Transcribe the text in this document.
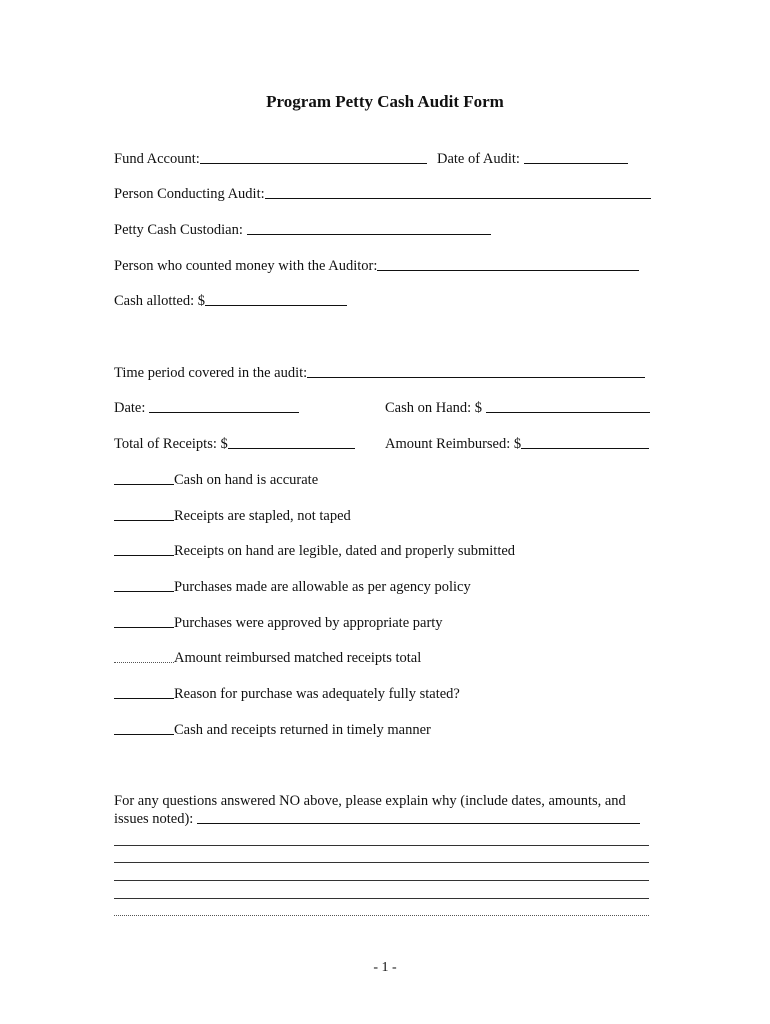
Program Petty Cash Audit Form
Fund Account:	Date of Audit:
Person Conducting Audit:
Petty Cash Custodian:
Person who counted money with the Auditor:
Cash allotted: $
Time period covered in the audit:
Date:	Cash on Hand: $
Total of Receipts: $	Amount Reimbursed: $
Cash on hand is accurate
Receipts are stapled, not taped
Receipts on hand are legible, dated and properly submitted
Purchases made are allowable as per agency policy
Purchases were approved by appropriate party
Amount reimbursed matched receipts total
Reason for purchase was adequately fully stated?
Cash and receipts returned in timely manner
For any questions answered NO above, please explain why (include dates, amounts, and
issues noted):
- 1 -
